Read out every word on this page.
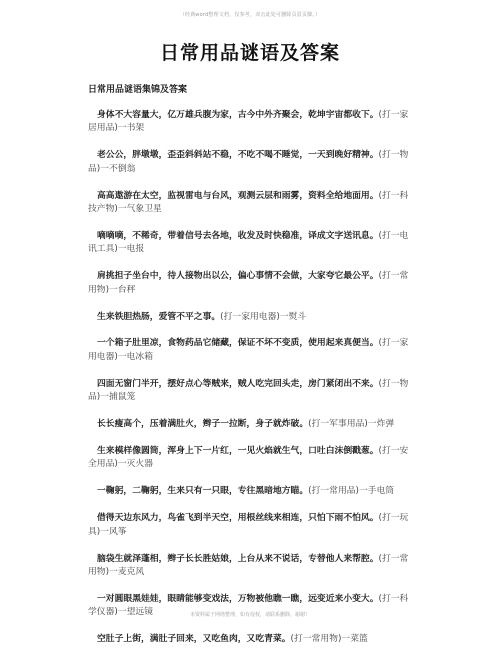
（经典word整理文档，仅参考，双击此处可删除页眉页脚。）
日常用品谜语及答案
日常用品谜语集锦及答案

身体不大容量大，亿万雄兵腹为家，古今中外齐聚会，乾坤宇宙都收下。(打一家居用品)一书架

老公公，胖墩墩，歪歪斜斜站不稳，不吃不喝不睡觉，一天到晚好精神。(打一物品)一不倒翁

高高遨游在太空，监视雷电与台风，观测云层和雨雾，资料全给地面用。(打一科技产物)一气象卫星

嘀嘀嘀，不稀奇，带着信号去各地，收发及时快稳准，译成文字送讯息。(打一电讯工具)一电报

肩挑担子坐台中，待人接物出以公，偏心事情不会做，大家夸它最公平。(打一常用物)一台秤

生来铁胆热肠，爱管不平之事。(打一家用电器)一熨斗

一个箱子肚里凉，食物药品它储藏，保证不坏不变质，使用起来真便当。(打一家用电器)一电冰箱

四面无窗门半开，摆好点心等贼来，贼人吃完回头走，房门紧闭出不来。(打一物品)一捕鼠笼

长长瘦高个，压着满肚火，辫子一拉断，身子就炸破。(打一军事用品)一炸弹

生来模样像圆筒，浑身上下一片红，一见火焰就生气，口吐白沫倒戳葱。(打一安全用品)一灭火器

一鞠躬，二鞠躬，生来只有一只眼，专往黑暗地方瞄。(打一常用品)一手电筒

借得天边东风力，鸟雀飞到半天空，用根丝线来相连，只怕下雨不怕风。(打一玩具)一风筝

脑袋生就泽蓬相，辫子长长胜姑娘，上台从来不说话，专替他人来帮腔。(打一常用物)一麦克风

一对圆眼黑娃娃，眼睛能够变戏法，万物被他瞧一瞧，远变近来小变大。(打一科学仪器)一望远镜

空肚子上街，满肚子回来，又吃鱼肉，又吃青菜。(打一常用物)一菜篮

本资料属于网络整理，如有侵权，请联系删除，谢谢！
